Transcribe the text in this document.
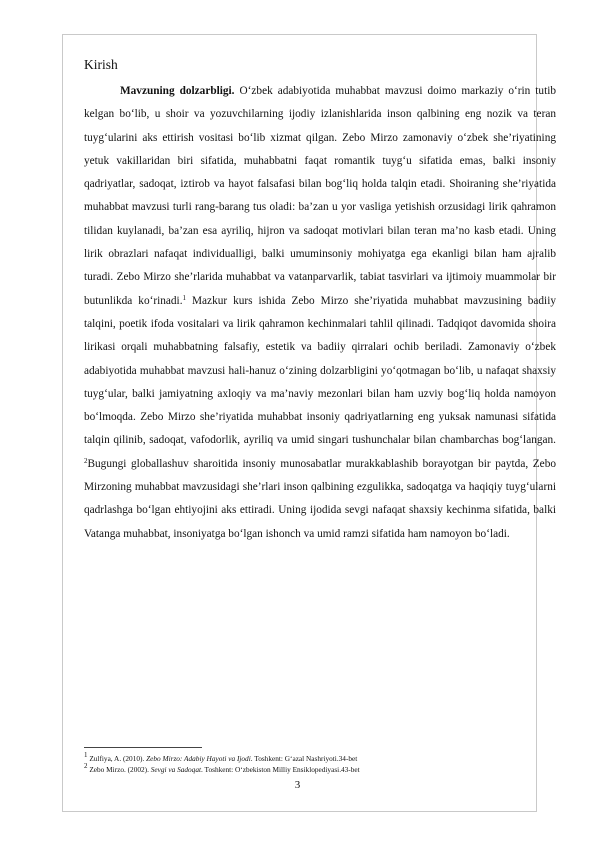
Kirish

Mavzuning dolzarbligi. O‘zbek adabiyotida muhabbat mavzusi doimo markaziy o‘rin tutib kelgan bo‘lib, u shoir va yozuvchilarning ijodiy izlanishlarida inson qalbining eng nozik va teran tuyg‘ularini aks ettirish vositasi bo‘lib xizmat qilgan. Zebo Mirzo zamonaviy o‘zbek she’riyatining yetuk vakillaridan biri sifatida, muhabbatni faqat romantik tuyg‘u sifatida emas, balki insoniy qadriyatlar, sadoqat, iztirob va hayot falsafasi bilan bog‘liq holda talqin etadi. Shoiraning she’riyatida muhabbat mavzusi turli rang-barang tus oladi: ba’zan u yor vasliga yetishish orzusidagi lirik qahramon tilidan kuylanadi, ba’zan esa ayriliq, hijron va sadoqat motivlari bilan teran ma’no kasb etadi. Uning lirik obrazlari nafaqat individualligi, balki umuminsoniy mohiyatga ega ekanligi bilan ham ajralib turadi. Zebo Mirzo she’rlarida muhabbat va vatanparvarlik, tabiat tasvirlari va ijtimoiy muammolar bir butunlikda ko‘rinadi.$^1$ Mazkur kurs ishida Zebo Mirzo she’riyatida muhabbat mavzusining badiiy talqini, poetik ifoda vositalari va lirik qahramon kechinmalari tahlil qilinadi. Tadqiqot davomida shoira lirikasi orqali muhabbatning falsafiy, estetik va badiiy qirralari ochib beriladi. Zamonaviy o‘zbek adabiyotida muhabbat mavzusi hali-hanuz o‘zining dolzarbligini yo‘qotmagan bo‘lib, u nafaqat shaxsiy tuyg‘ular, balki jamiyatning axloqiy va ma’naviy mezonlari bilan ham uzviy bog‘liq holda namoyon bo‘lmoqda. Zebo Mirzo she’riyatida muhabbat insoniy qadriyatlarning eng yuksak namunasi sifatida talqin qilinib, sadoqat, vafodorlik, ayriliq va umid singari tushunchalar bilan chambarchas bog‘langan. $^2$Bugungi globallashuv sharoitida insoniy munosabatlar murakkablashib borayotgan bir paytda, Zebo Mirzoning muhabbat mavzusidagi she’rlari inson qalbining ezgulikka, sadoqatga va haqiqiy tuyg‘ularni qadrlashga bo‘lgan ehtiyojini aks ettiradi. Uning ijodida sevgi nafaqat shaxsiy kechinma sifatida, balki Vatanga muhabbat, insoniyatga bo‘lgan ishonch va umid ramzi sifatida ham namoyon bo‘ladi.

$^1$ Zulfiya, A. (2010). Zebo Mirzo: Adabiy Hayoti va Ijodi. Toshkent: G‘azal Nashriyoti.34-bet
$^2$ Zebo Mirzo. (2002). Sevgi va Sadoqat. Toshkent: O‘zbekiston Milliy Ensiklopediyasi.43-bet
3
